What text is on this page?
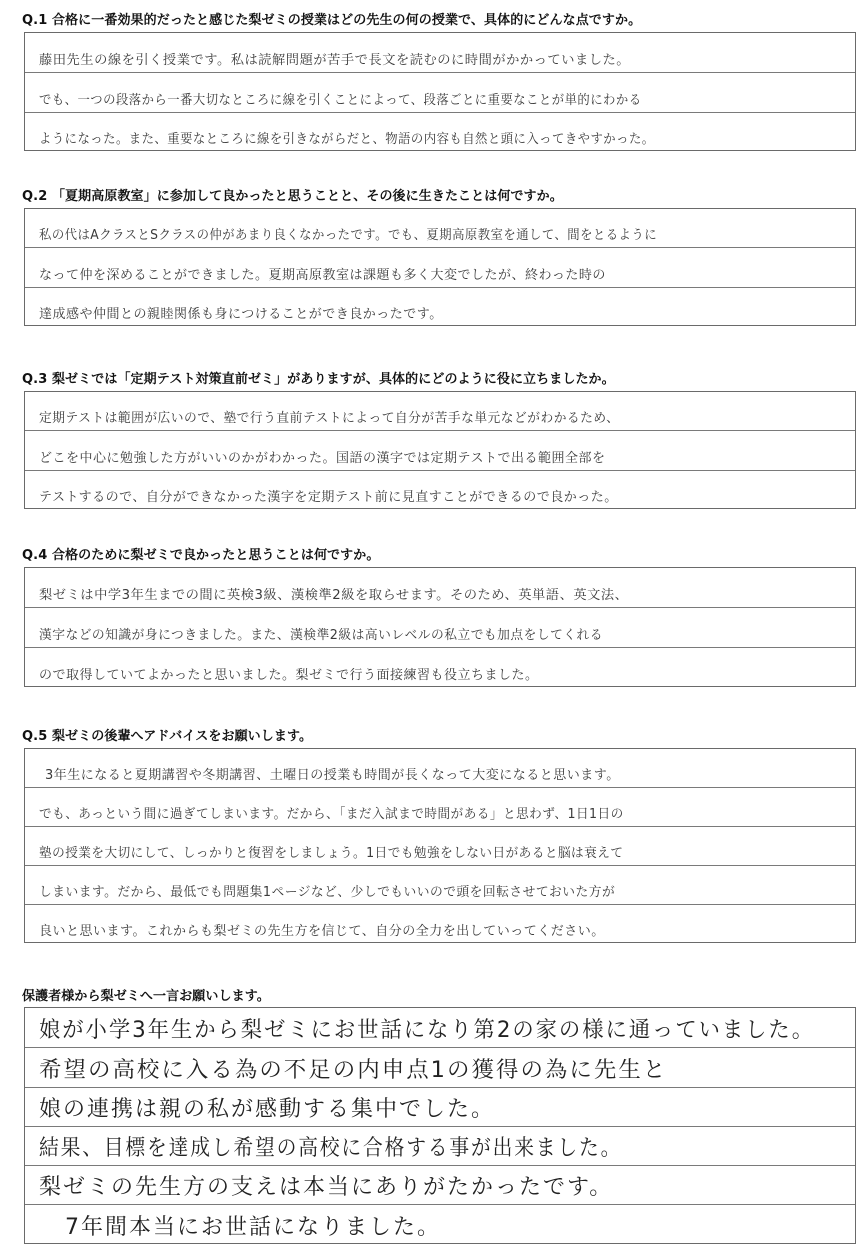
Q.1 合格に一番効果的だったと感じた梨ゼミの授業はどの先生の何の授業で、具体的にどんな点ですか。
藤田先生の線を引く授業です。私は読解問題が苦手で長文を読むのに時間がかかっていました。
でも、一つの段落から一番大切なところに線を引くことによって、段落ごとに重要なことが単的にわかる
ようになった。また、重要なところに線を引きながらだと、物語の内容も自然と頭に入ってきやすかった。
Q.2 「夏期高原教室」に参加して良かったと思うことと、その後に生きたことは何ですか。
私の代はAクラスとSクラスの仲があまり良くなかったです。でも、夏期高原教室を通して、間をとるように
なって仲を深めることができました。夏期高原教室は課題も多く大変でしたが、終わった時の
達成感や仲間との親睦関係も身につけることができ良かったです。
Q.3 梨ゼミでは「定期テスト対策直前ゼミ」がありますが、具体的にどのように役に立ちましたか。
定期テストは範囲が広いので、塾で行う直前テストによって自分が苦手な単元などがわかるため、
どこを中心に勉強した方がいいのかがわかった。国語の漢字では定期テストで出る範囲全部を
テストするので、自分ができなかった漢字を定期テスト前に見直すことができるので良かった。
Q.4 合格のために梨ゼミで良かったと思うことは何ですか。
梨ゼミは中学3年生までの間に英検3級、漢検準2級を取らせます。そのため、英単語、英文法、
漢字などの知識が身につきました。また、漢検準2級は高いレベルの私立でも加点をしてくれる
ので取得していてよかったと思いました。梨ゼミで行う面接練習も役立ちました。
Q.5 梨ゼミの後輩へアドバイスをお願いします。
3年生になると夏期講習や冬期講習、土曜日の授業も時間が長くなって大変になると思います。
でも、あっという間に過ぎてしまいます。だから、「まだ入試まで時間がある」と思わず、1日1日の
塾の授業を大切にして、しっかりと復習をしましょう。1日でも勉強をしない日があると脳は衰えて
しまいます。だから、最低でも問題集1ページなど、少しでもいいので頭を回転させておいた方が
良いと思います。これからも梨ゼミの先生方を信じて、自分の全力を出していってください。
保護者様から梨ゼミへ一言お願いします。
娘が小学3年生から梨ゼミにお世話になり第2の家の様に通っていました。
希望の高校に入る為の不足の内申点1の獲得の為に先生と
娘の連携は親の私が感動する集中でした。
結果、目標を達成し希望の高校に合格する事が出来ました。
梨ゼミの先生方の支えは本当にありがたかったです。
7年間本当にお世話になりました。
